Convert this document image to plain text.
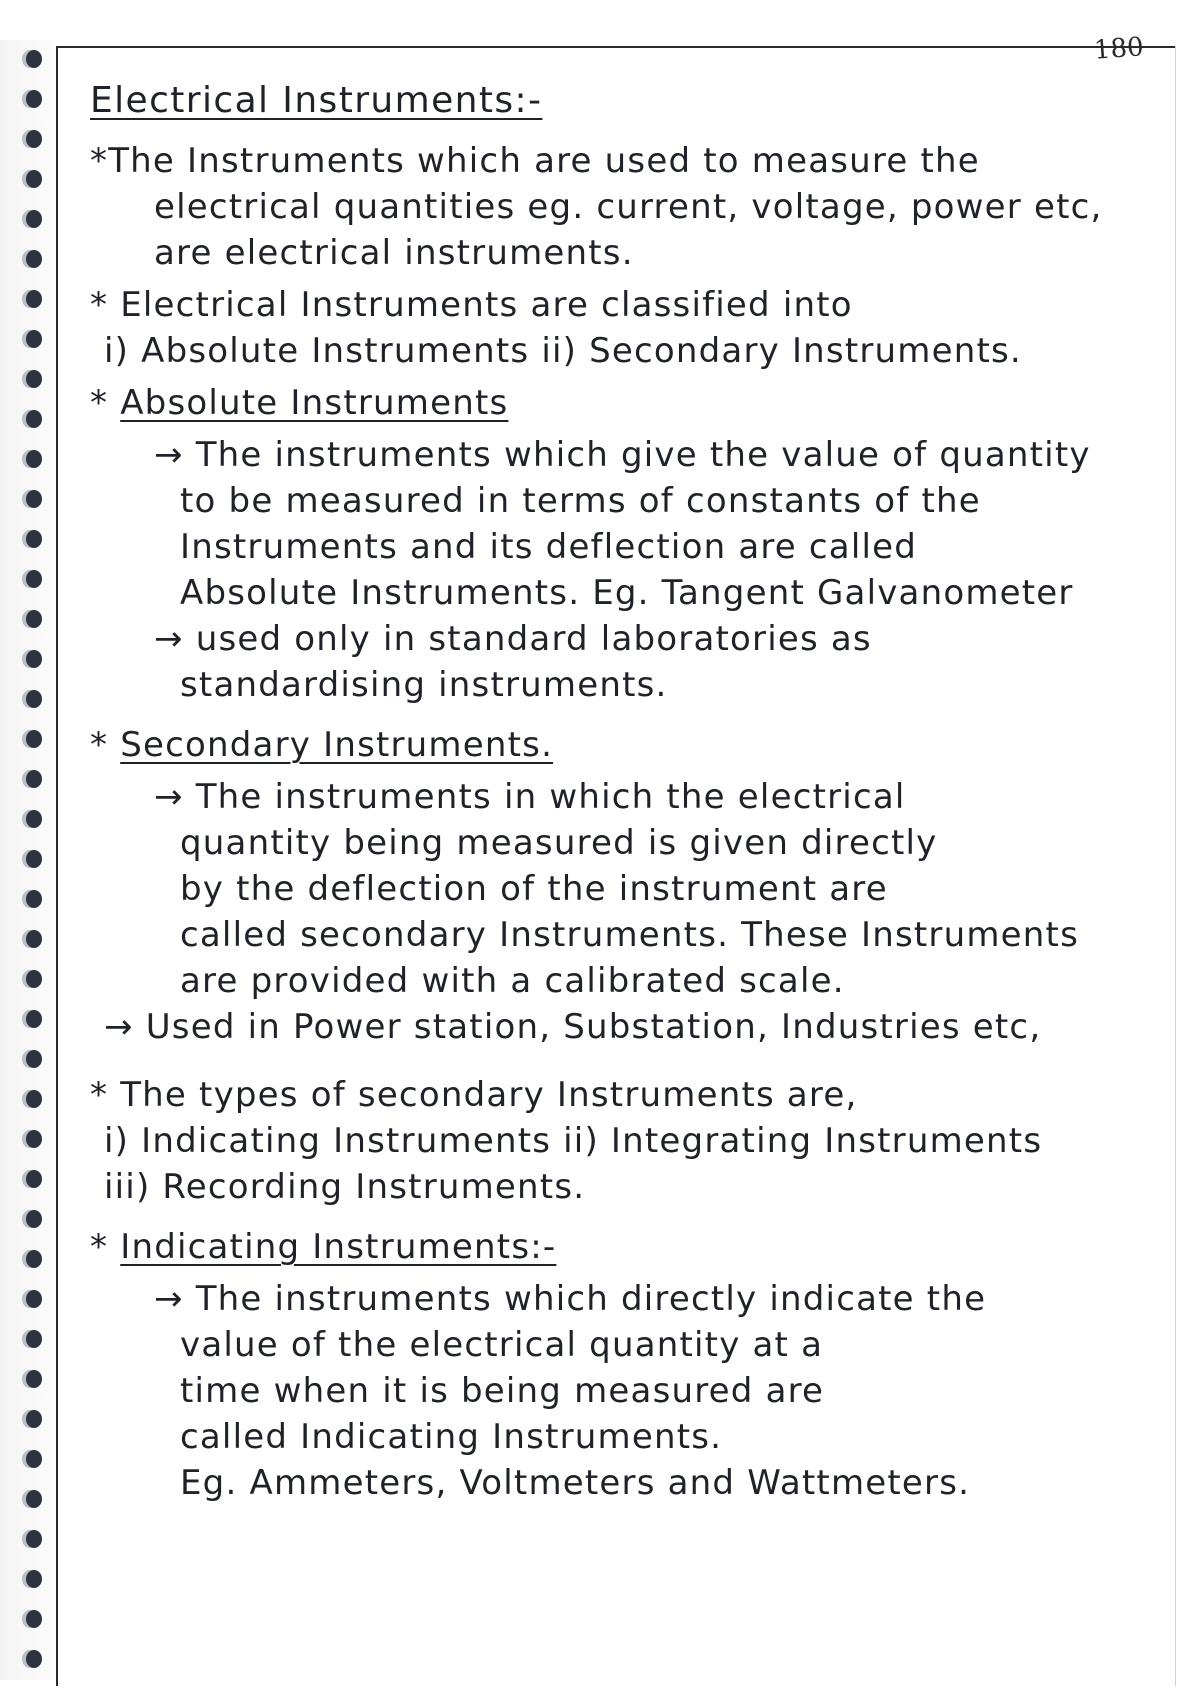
180

Electrical Instruments:-

*The Instruments which are used to measure the

electrical quantities eg. current, voltage, power etc,

are electrical instruments.

* Electrical Instruments are classified into

i) Absolute Instruments ii) Secondary Instruments.

* Absolute Instruments

→ The instruments which give the value of quantity

to be measured in terms of constants of the

Instruments and its deflection are called

Absolute Instruments. Eg. Tangent Galvanometer

→ used only in standard laboratories as

standardising instruments.

* Secondary Instruments.

→ The instruments in which the electrical

quantity being measured is given directly

by the deflection of the instrument are

called secondary Instruments. These Instruments

are provided with a calibrated scale.

→ Used in Power station, Substation, Industries etc,

* The types of secondary Instruments are,

i) Indicating Instruments ii) Integrating Instruments

iii) Recording Instruments.

* Indicating Instruments:-

→ The instruments which directly indicate the

value of the electrical quantity at a

time when it is being measured are

called Indicating Instruments.

Eg. Ammeters, Voltmeters and Wattmeters.
